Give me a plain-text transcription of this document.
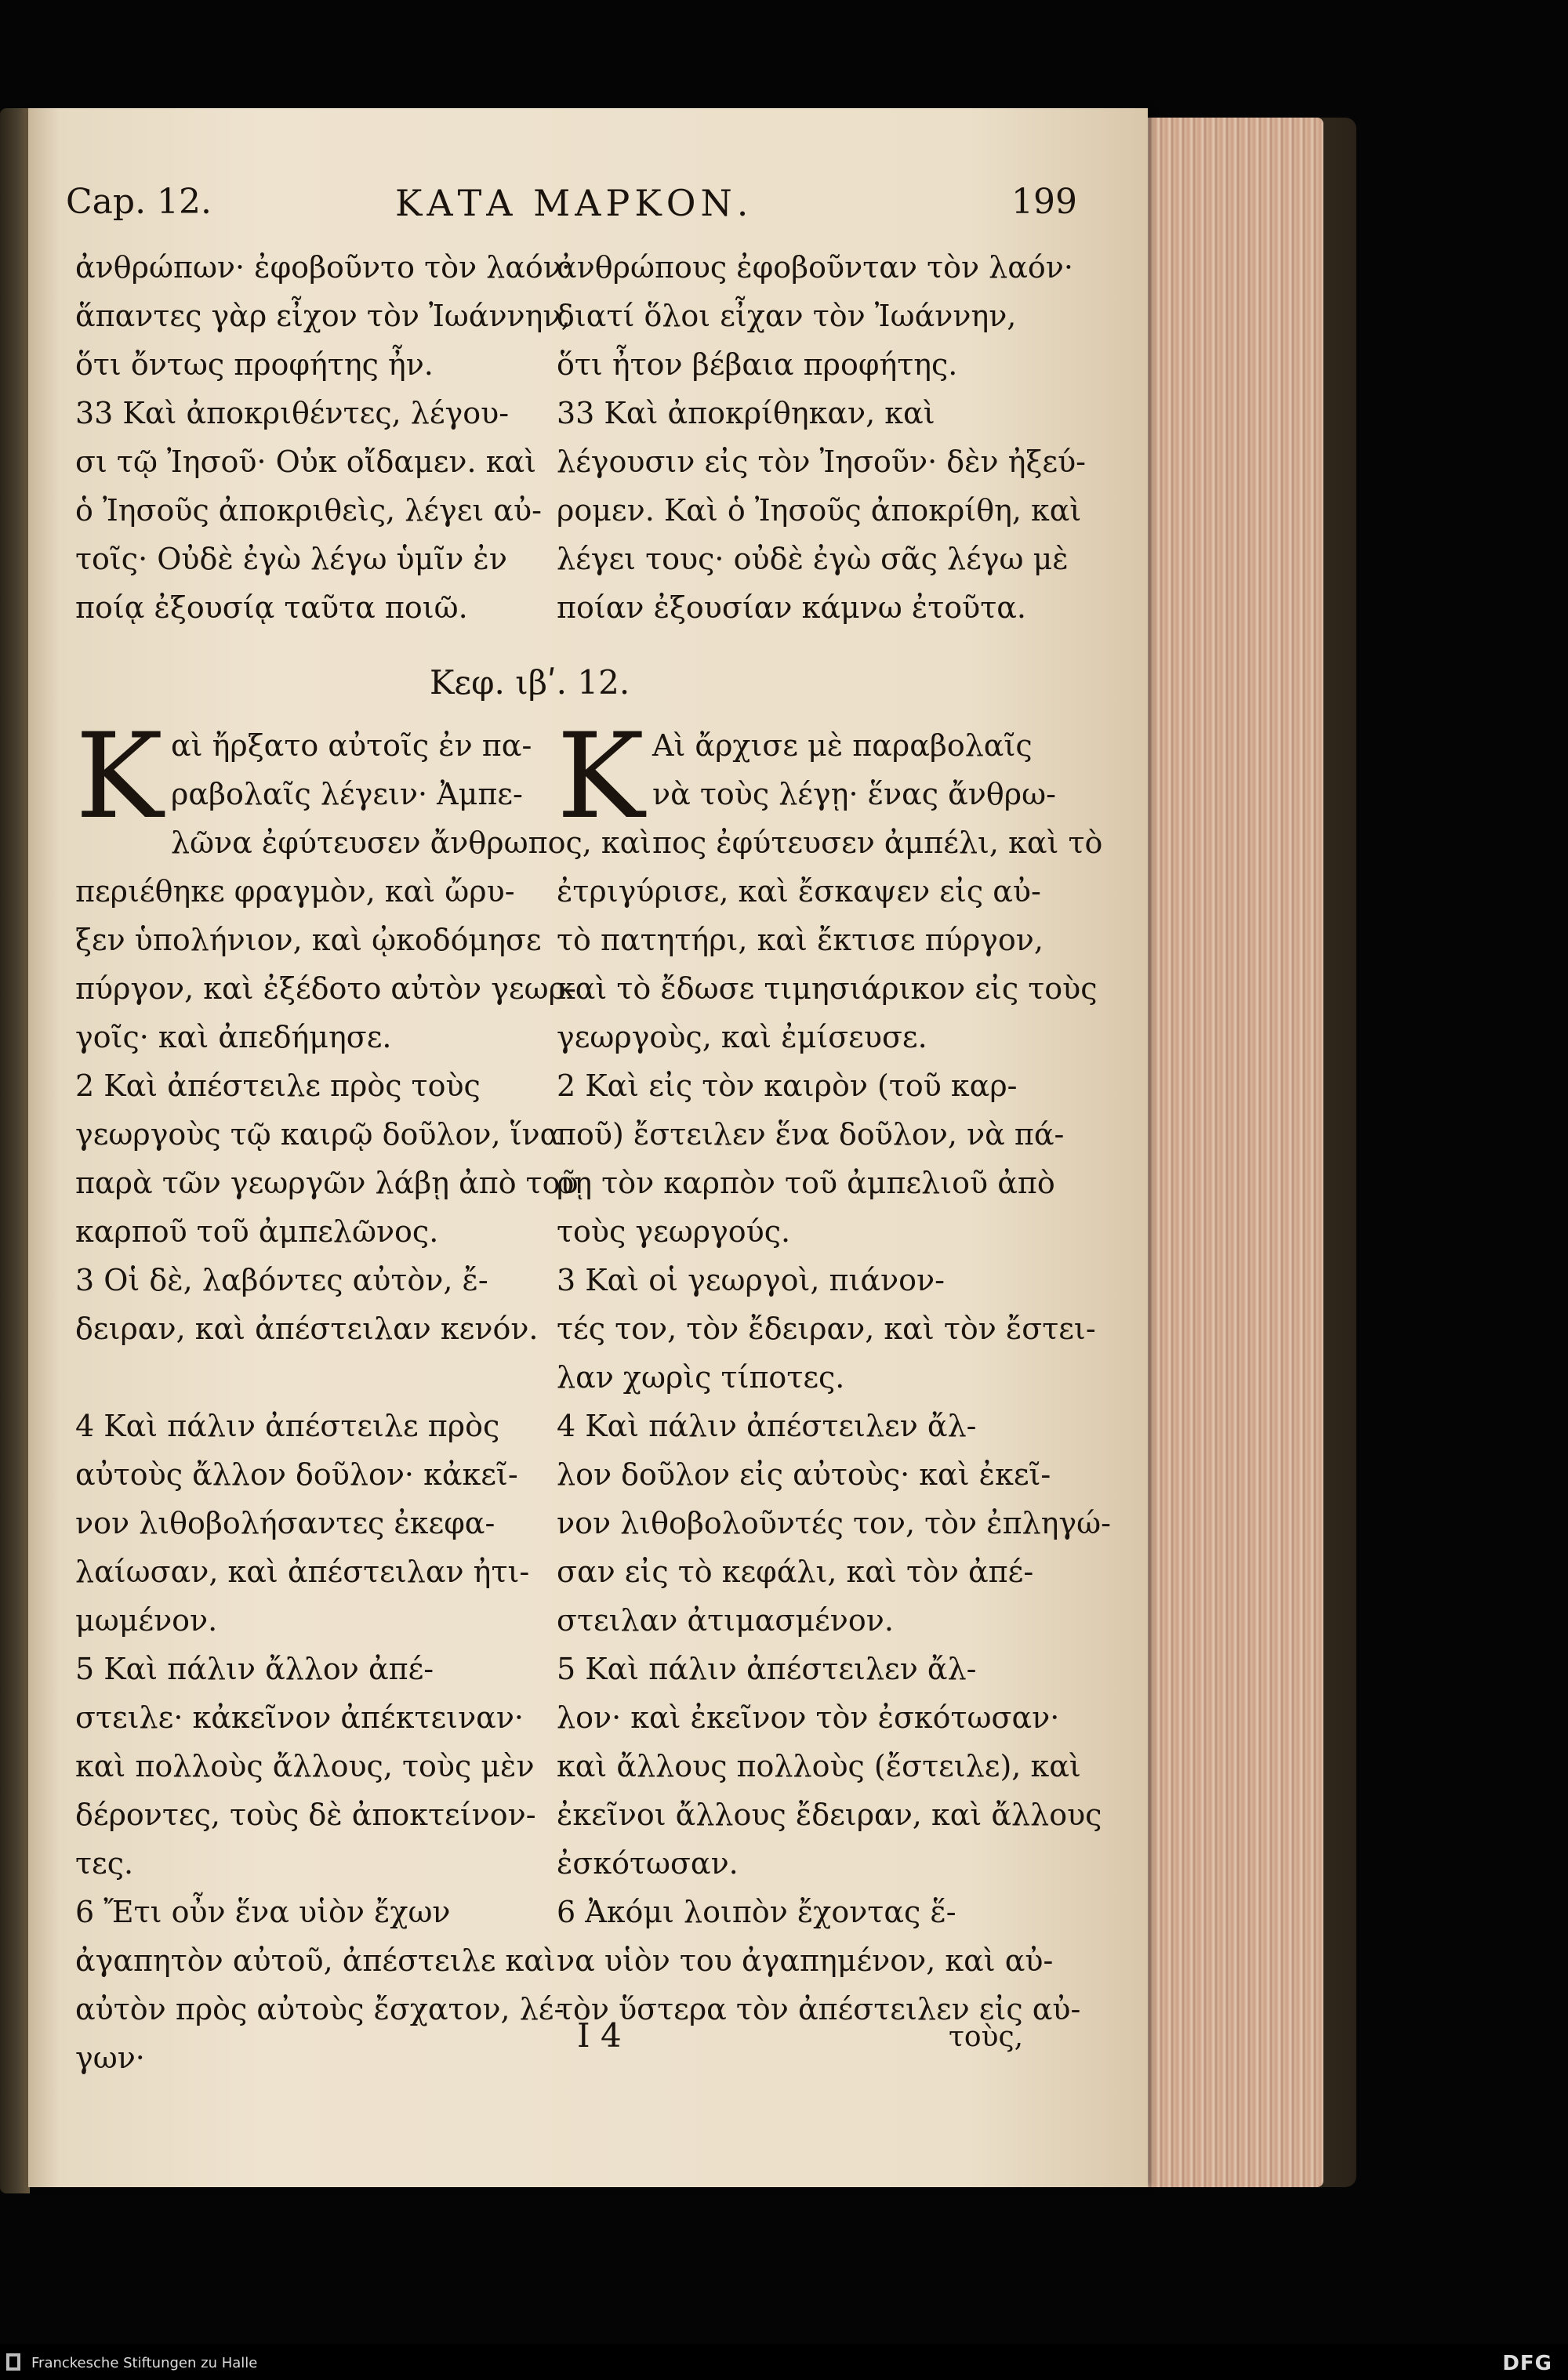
Cap. 12.	ΚΑΤΑ ΜΑΡΚΟΝ.	199
ἀνθρώπων· ἐφοβοῦντο τὸν λαόν·
ἅπαντες γὰρ εἶχον τὸν Ἰωάννην,
ὅτι ὄντως προφήτης ἦν.
33 Καὶ ἀποκριθέντες, λέγου-
σι τῷ Ἰησοῦ· Οὐκ οἴδαμεν. καὶ
ὁ Ἰησοῦς ἀποκριθεὶς, λέγει αὐ-
τοῖς· Οὐδὲ ἐγὼ λέγω ὑμῖν ἐν
ποίᾳ ἐξουσίᾳ ταῦτα ποιῶ.
ἀνθρώπους ἐφοβοῦνταν τὸν λαόν·
διατί ὅλοι εἶχαν τὸν Ἰωάννην,
ὅτι ἦτον βέβαια προφήτης.
33 Καὶ ἀποκρίθηκαν, καὶ
λέγουσιν εἰς τὸν Ἰησοῦν· δὲν ἠξεύ-
ρομεν. Καὶ ὁ Ἰησοῦς ἀποκρίθη, καὶ
λέγει τους· οὐδὲ ἐγὼ σᾶς λέγω μὲ
ποίαν ἐξουσίαν κάμνω ἐτοῦτα.
Κεφ. ιβʹ. 12.
K αὶ ἤρξατο αὐτοῖς ἐν πα-
ραβολαῖς λέγειν· Ἀμπε-
λῶνα ἐφύτευσεν ἄνθρωπος, καὶ
περιέθηκε φραγμὸν, καὶ ὤρυ-
ξεν ὑπολήνιον, καὶ ᾠκοδόμησε
πύργον, καὶ ἐξέδοτο αὐτὸν γεωρ-
γοῖς· καὶ ἀπεδήμησε.
2 Καὶ ἀπέστειλε πρὸς τοὺς
γεωργοὺς τῷ καιρῷ δοῦλον, ἵνα
παρὰ τῶν γεωργῶν λάβῃ ἀπὸ τοῦ
καρποῦ τοῦ ἀμπελῶνος.
3 Οἱ δὲ, λαβόντες αὐτὸν, ἔ-
δειραν, καὶ ἀπέστειλαν κενόν.
4 Καὶ πάλιν ἀπέστειλε πρὸς
αὐτοὺς ἄλλον δοῦλον· κἀκεῖ-
νον λιθοβολήσαντες ἐκεφα-
λαίωσαν, καὶ ἀπέστειλαν ἠτι-
μωμένον.
5 Καὶ πάλιν ἄλλον ἀπέ-
στειλε· κἀκεῖνον ἀπέκτειναν·
καὶ πολλοὺς ἄλλους, τοὺς μὲν
δέροντες, τοὺς δὲ ἀποκτείνον-
τες.
6 Ἔτι οὖν ἕνα υἱὸν ἔχων
ἀγαπητὸν αὐτοῦ, ἀπέστειλε καὶ
αὐτὸν πρὸς αὐτοὺς ἔσχατον, λέ-
γων·
K Αὶ ἄρχισε μὲ παραβολαῖς
νὰ τοὺς λέγῃ· ἕνας ἄνθρω-
πος ἐφύτευσεν ἀμπέλι, καὶ τὸ
ἐτριγύρισε, καὶ ἔσκαψεν εἰς αὐ-
τὸ πατητήρι, καὶ ἔκτισε πύργον,
καὶ τὸ ἔδωσε τιμησιάρικον εἰς τοὺς
γεωργοὺς, καὶ ἐμίσευσε.
2 Καὶ εἰς τὸν καιρὸν (τοῦ καρ-
ποῦ) ἔστειλεν ἕνα δοῦλον, νὰ πά-
ρῃ τὸν καρπὸν τοῦ ἀμπελιοῦ ἀπὸ
τοὺς γεωργούς.
3 Καὶ οἱ γεωργοὶ, πιάνον-
τές τον, τὸν ἔδειραν, καὶ τὸν ἔστει-
λαν χωρὶς τίποτες.
4 Καὶ πάλιν ἀπέστειλεν ἄλ-
λον δοῦλον εἰς αὐτοὺς· καὶ ἐκεῖ-
νον λιθοβολοῦντές τον, τὸν ἐπληγώ-
σαν εἰς τὸ κεφάλι, καὶ τὸν ἀπέ-
στειλαν ἀτιμασμένον.
5 Καὶ πάλιν ἀπέστειλεν ἄλ-
λον· καὶ ἐκεῖνον τὸν ἐσκότωσαν·
καὶ ἄλλους πολλοὺς (ἔστειλε), καὶ
ἐκεῖνοι ἄλλους ἔδειραν, καὶ ἄλλους
ἐσκότωσαν.
6 Ἀκόμι λοιπὸν ἔχοντας ἕ-
να υἱὸν του ἀγαπημένον, καὶ αὐ-
τὸν ὕστερα τὸν ἀπέστειλεν εἰς αὐ-
I 4	τοὺς,
Franckesche Stiftungen zu Halle	DFG
